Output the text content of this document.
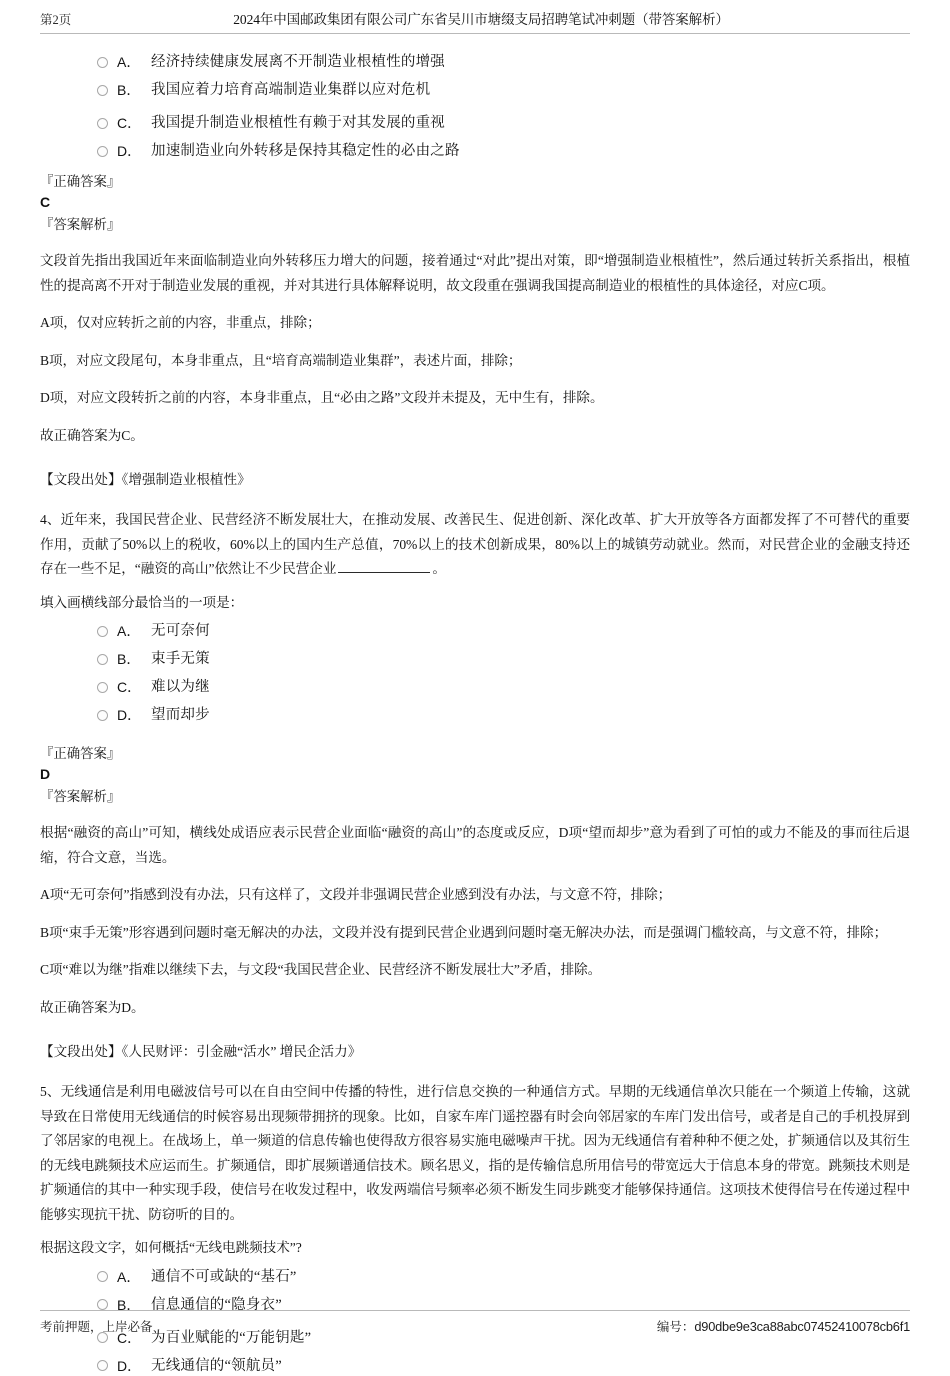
第2页	2024年中国邮政集团有限公司广东省吴川市塘缀支局招聘笔试冲刺题（带答案解析）
A． 经济持续健康发展离不开制造业根植性的增强
B． 我国应着力培育高端制造业集群以应对危机
C． 我国提升制造业根植性有赖于对其发展的重视
D． 加速制造业向外转移是保持其稳定性的必由之路

『正确答案』

C

『答案解析』

文段首先指出我国近年来面临制造业向外转移压力增大的问题，接着通过“对此”提出对策，即“增强制造业根植性”，然后通过转折关系指出，根植性的提高离不开对于制造业发展的重视，并对其进行具体解释说明，故文段重在强调我国提高制造业的根植性的具体途径，对应C项。

A项，仅对应转折之前的内容，非重点，排除；

B项，对应文段尾句，本身非重点，且“培育高端制造业集群”，表述片面，排除；

D项，对应文段转折之前的内容，本身非重点，且“必由之路”文段并未提及，无中生有，排除。

故正确答案为C。

【文段出处】《增强制造业根植性》

4、近年来，我国民营企业、民营经济不断发展壮大，在推动发展、改善民生、促进创新、深化改革、扩大开放等各方面都发挥了不可替代的重要作用，贡献了50%以上的税收，60%以上的国内生产总值，70%以上的技术创新成果，80%以上的城镇劳动就业。然而，对民营企业的金融支持还存在一些不足，“融资的高山”依然让不少民营企业	。

填入画横线部分最恰当的一项是：

A． 无可奈何
B． 束手无策
C． 难以为继
D． 望而却步

『正确答案』

D

『答案解析』

根据“融资的高山”可知，横线处成语应表示民营企业面临“融资的高山”的态度或反应，D项“望而却步”意为看到了可怕的或力不能及的事而往后退缩，符合文意，当选。

A项“无可奈何”指感到没有办法，只有这样了，文段并非强调民营企业感到没有办法，与文意不符，排除；

B项“束手无策”形容遇到问题时毫无解决的办法，文段并没有提到民营企业遇到问题时毫无解决办法，而是强调门槛较高，与文意不符，排除；

C项“难以为继”指难以继续下去，与文段“我国民营企业、民营经济不断发展壮大”矛盾，排除。

故正确答案为D。

【文段出处】《人民财评：引金融“活水” 增民企活力》

5、无线通信是利用电磁波信号可以在自由空间中传播的特性，进行信息交换的一种通信方式。早期的无线通信单次只能在一个频道上传输，这就导致在日常使用无线通信的时候容易出现频带拥挤的现象。比如，自家车库门遥控器有时会向邻居家的车库门发出信号，或者是自己的手机投屏到了邻居家的电视上。在战场上，单一频道的信息传输也使得敌方很容易实施电磁噪声干扰。因为无线通信有着种种不便之处，扩频通信以及其衍生的无线电跳频技术应运而生。扩频通信，即扩展频谱通信技术。顾名思义，指的是传输信息所用信号的带宽远大于信息本身的带宽。跳频技术则是扩频通信的其中一种实现手段，使信号在收发过程中，收发两端信号频率必须不断发生同步跳变才能够保持通信。这项技术使得信号在传递过程中能够实现抗干扰、防窃听的目的。

根据这段文字，如何概括“无线电跳频技术”?

A． 通信不可或缺的“基石”
B． 信息通信的“隐身衣”
C． 为百业赋能的“万能钥匙”
D． 无线通信的“领航员”
考前押题，上岸必备	编号：d90dbe9e3ca88abc07452410078cb6f1
